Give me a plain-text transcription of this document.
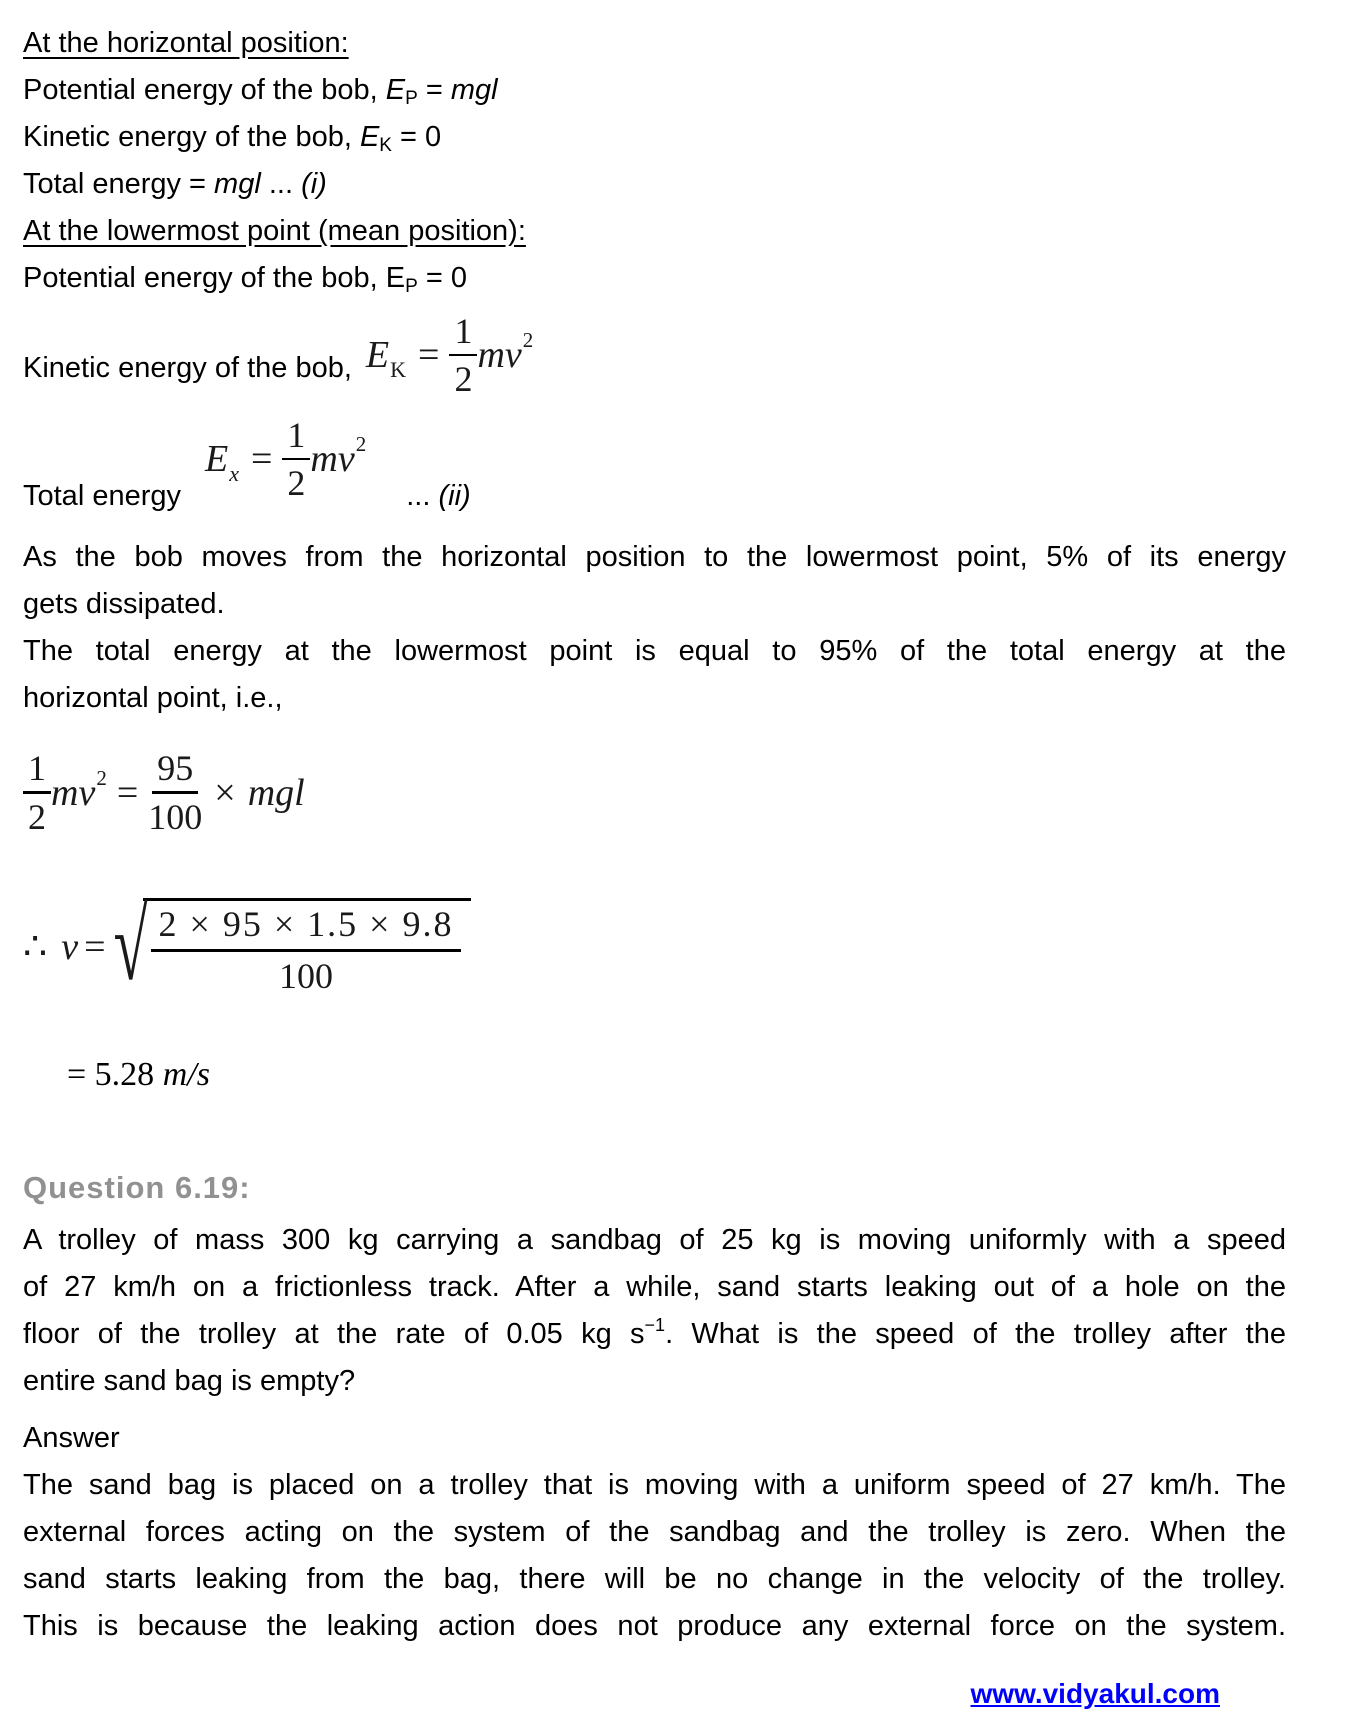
At the horizontal position:
Potential energy of the bob, $E_P$ = mgl
Kinetic energy of the bob, $E_K = 0$
Total energy = mgl ... (i)
At the lowermost point (mean position):
Potential energy of the bob, $E_P = 0$
Kinetic energy of the bob, $E_K = \frac{1}{2} mv^2$
Total energy
$E_x = \frac{1}{2} mv^2$
... (ii)
As the bob moves from the horizontal position to the lowermost point, 5% of its energy
gets dissipated.
The total energy at the lowermost point is equal to 95% of the total energy at the
horizontal point, i.e.,
$\frac{1}{2} mv^2 = \frac{95}{100}$ × mgl
∴ v = √ $\frac{2 \times 95 \times 1.5 \times 9.8}{100}$
= 5.28 m/s
Question 6.19:
A trolley of mass 300 kg carrying a sandbag of 25 kg is moving uniformly with a speed
of 27 km/h on a frictionless track. After a while, sand starts leaking out of a hole on the
floor of the trolley at the rate of 0.05 kg $s^{-1}$. What is the speed of the trolley after the
entire sand bag is empty?
Answer
The sand bag is placed on a trolley that is moving with a uniform speed of 27 km/h. The
external forces acting on the system of the sandbag and the trolley is zero. When the
sand starts leaking from the bag, there will be no change in the velocity of the trolley.
This is because the leaking action does not produce any external force on the system.
www.vidyakul.com
